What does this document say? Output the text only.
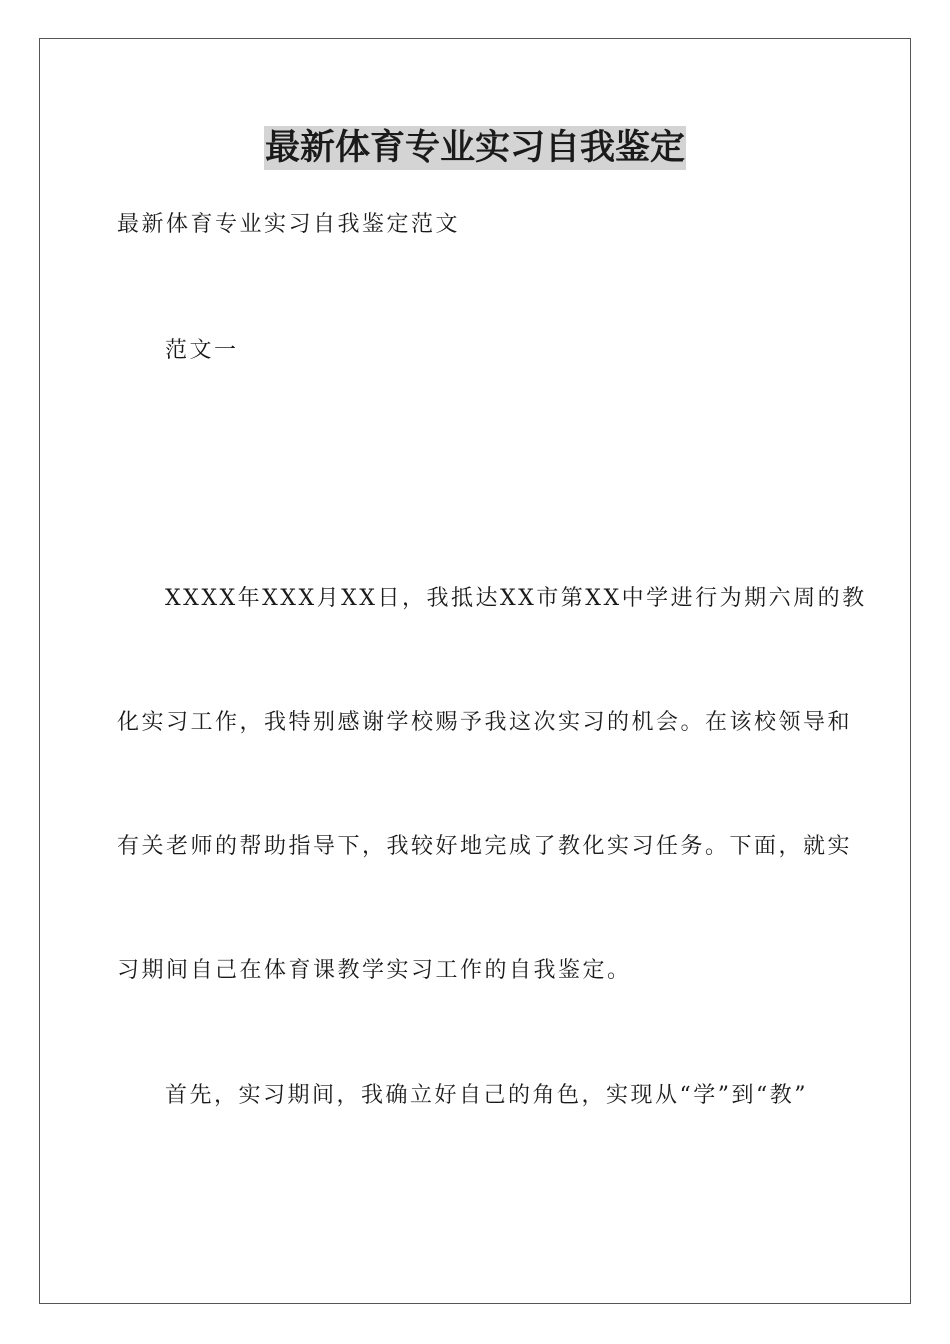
最新体育专业实习自我鉴定
最新体育专业实习自我鉴定范文
范文一
XXXX年XXX月XX日，我抵达XX市第XX中学进行为期六周的教
化实习工作，我特别感谢学校赐予我这次实习的机会。在该校领导和
有关老师的帮助指导下，我较好地完成了教化实习任务。下面，就实
习期间自己在体育课教学实习工作的自我鉴定。
首先，实习期间，我确立好自己的角色，实现从“学”到“教”
